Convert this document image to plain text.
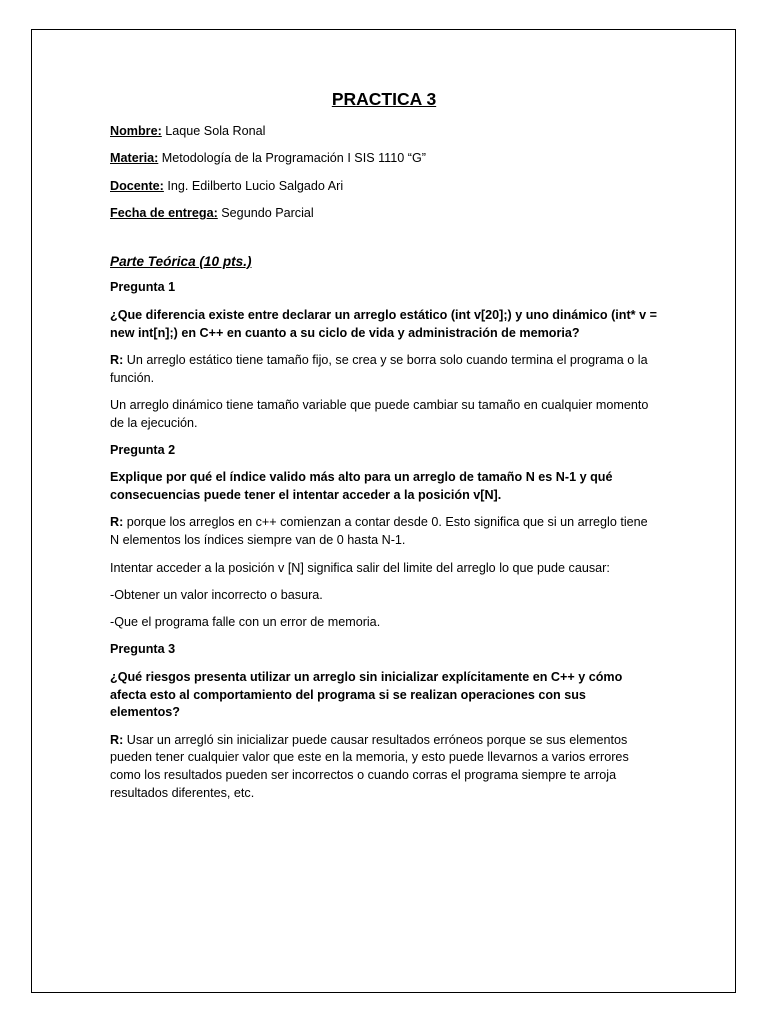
PRACTICA 3
Nombre: Laque Sola Ronal
Materia: Metodología de la Programación I SIS 1110 “G”
Docente: Ing. Edilberto Lucio Salgado Ari
Fecha de entrega: Segundo Parcial
Parte Teórica (10 pts.)
Pregunta 1
¿Que diferencia existe entre declarar un arreglo estático (int v[20];) y uno dinámico (int* v = new int[n];) en C++ en cuanto a su ciclo de vida y administración de memoria?
R: Un arreglo estático tiene tamaño fijo, se crea y se borra solo cuando termina el programa o la función.
Un arreglo dinámico tiene tamaño variable que puede cambiar su tamaño en cualquier momento de la ejecución.
Pregunta 2
Explique por qué el índice valido más alto para un arreglo de tamaño N es N-1 y qué consecuencias puede tener el intentar acceder a la posición v[N].
R: porque los arreglos en c++ comienzan a contar desde 0. Esto significa que si un arreglo tiene N elementos los índices siempre van de 0 hasta N-1.
Intentar acceder a la posición v [N] significa salir del limite del arreglo lo que pude causar:
-Obtener un valor incorrecto o basura.
-Que el programa falle con un error de memoria.
Pregunta 3
¿Qué riesgos presenta utilizar un arreglo sin inicializar explícitamente en C++ y cómo afecta esto al comportamiento del programa si se realizan operaciones con sus elementos?
R: Usar un arregló sin inicializar puede causar resultados erróneos porque se sus elementos pueden tener cualquier valor que este en la memoria, y esto puede llevarnos a varios errores como los resultados pueden ser incorrectos o cuando corras el programa siempre te arroja resultados diferentes, etc.
